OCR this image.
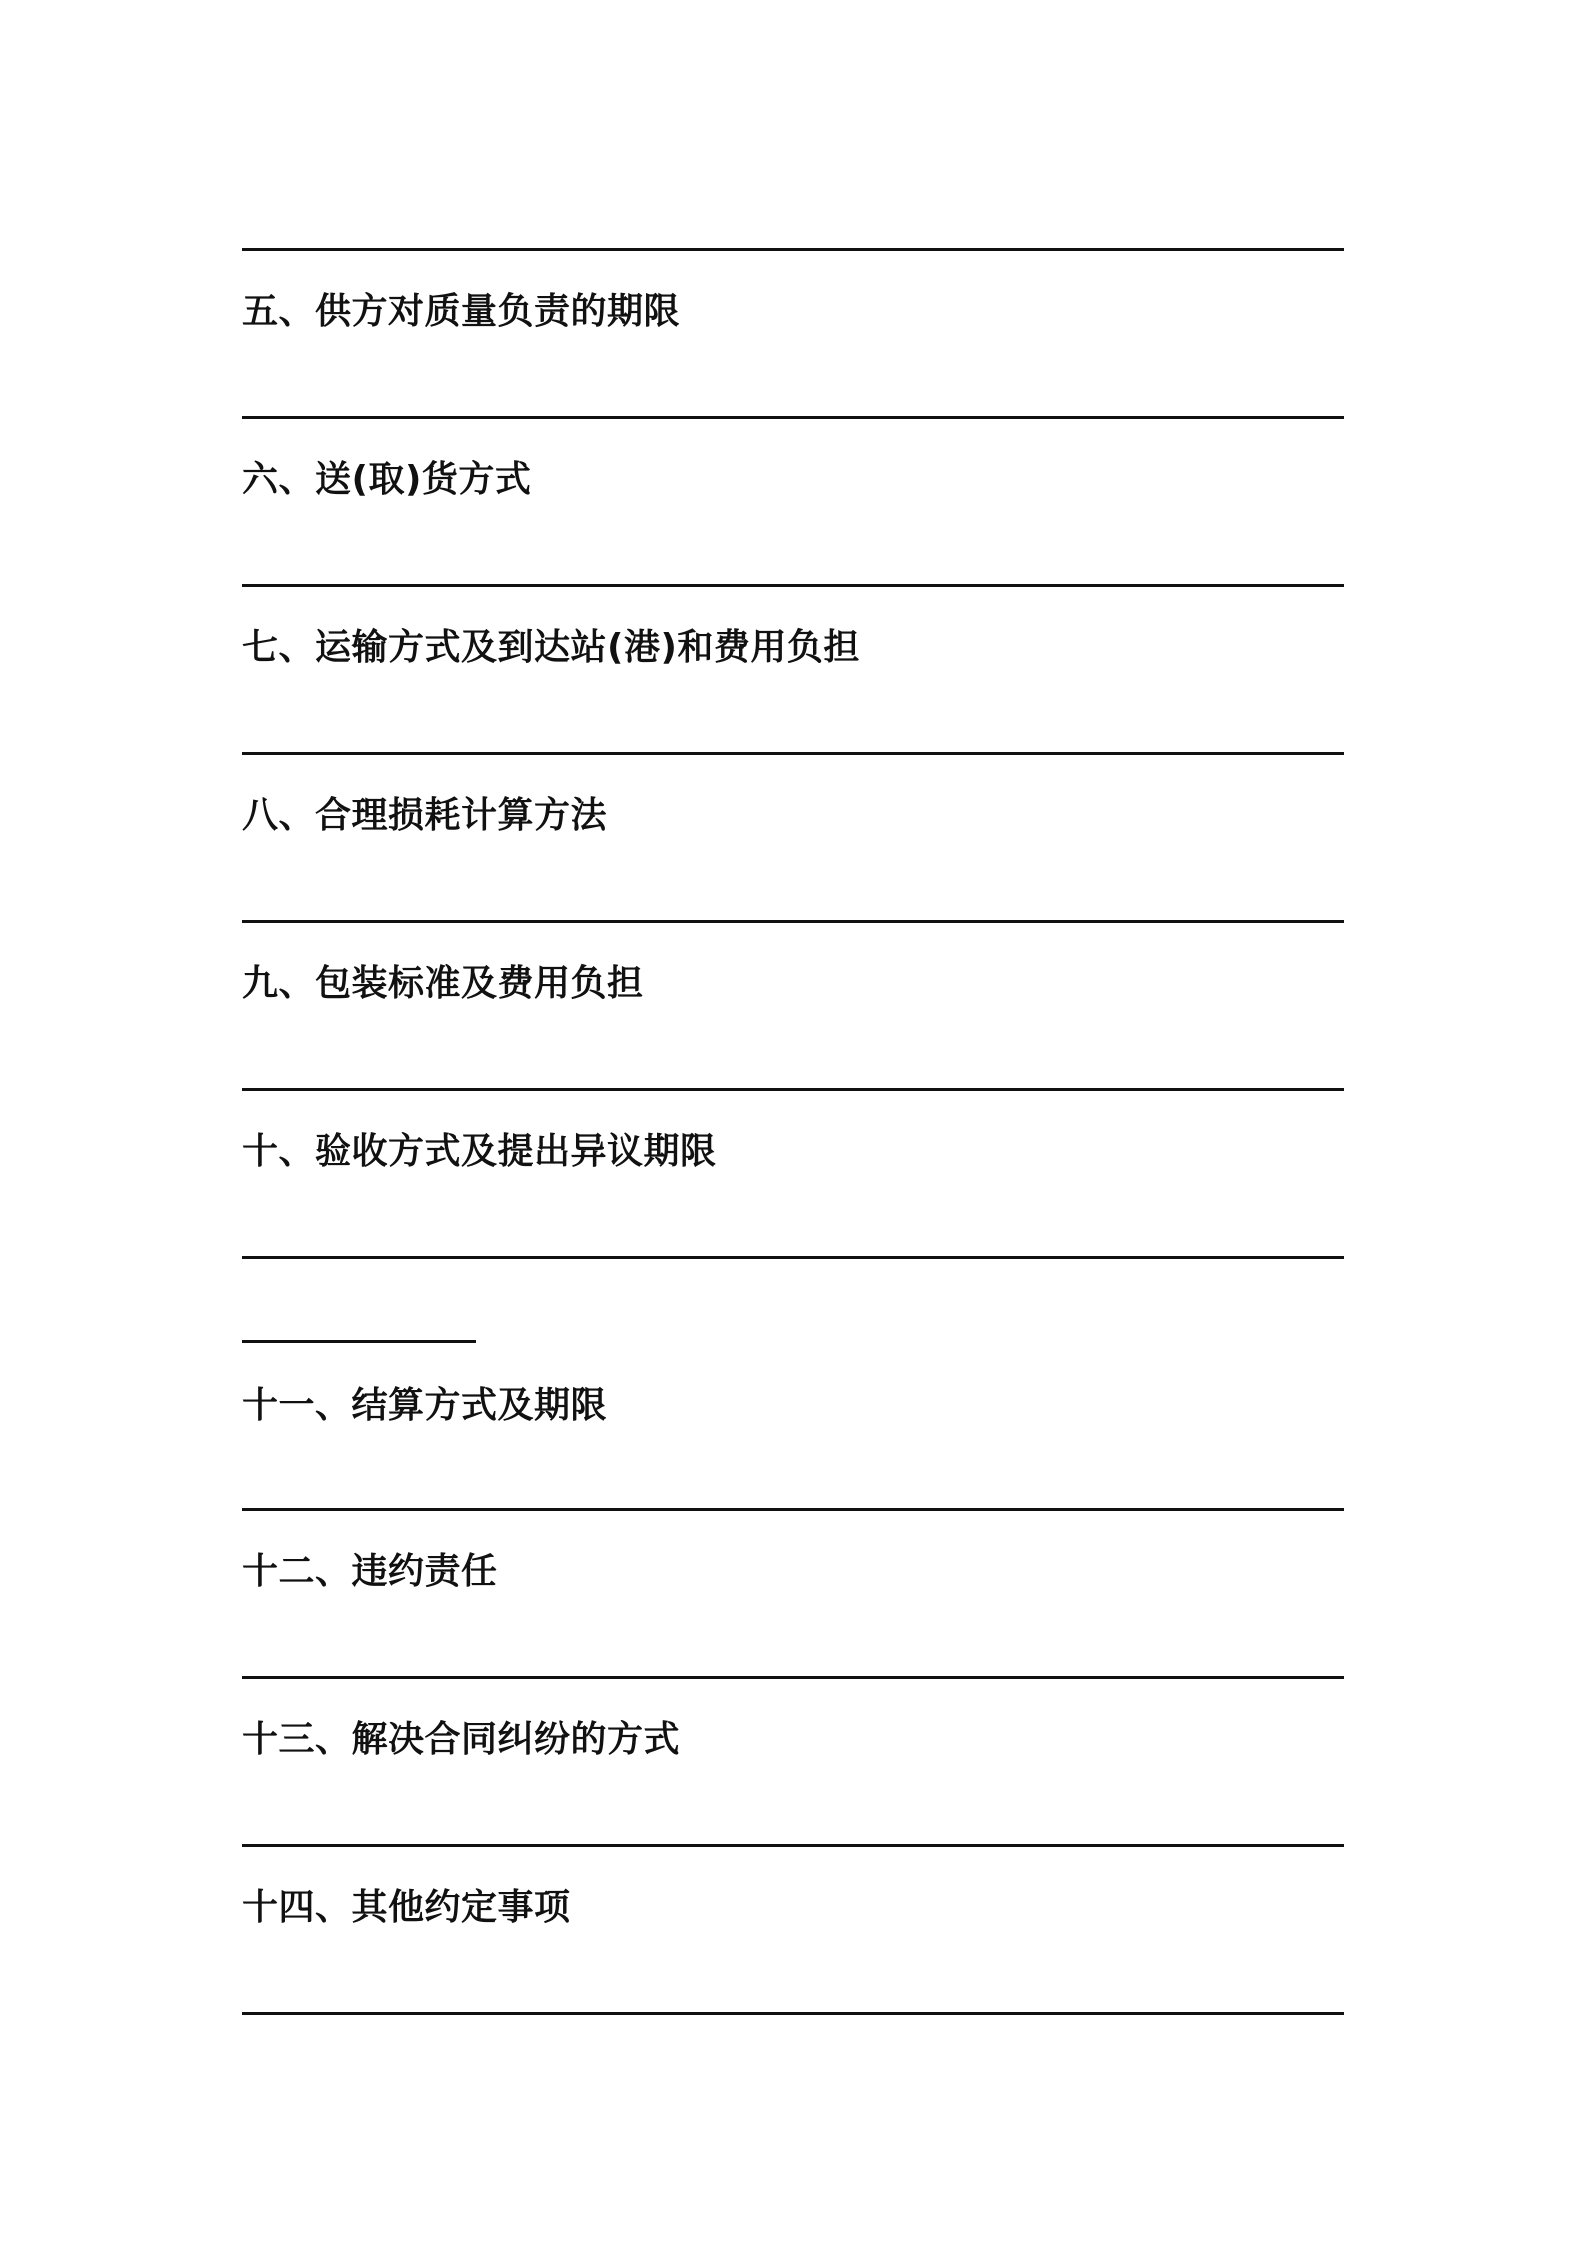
五、供方对质量负责的期限
六、送(取)货方式
七、运输方式及到达站(港)和费用负担
八、合理损耗计算方法
九、包装标准及费用负担
十、验收方式及提出异议期限
十一、结算方式及期限
十二、违约责任
十三、解决合同纠纷的方式
十四、其他约定事项
